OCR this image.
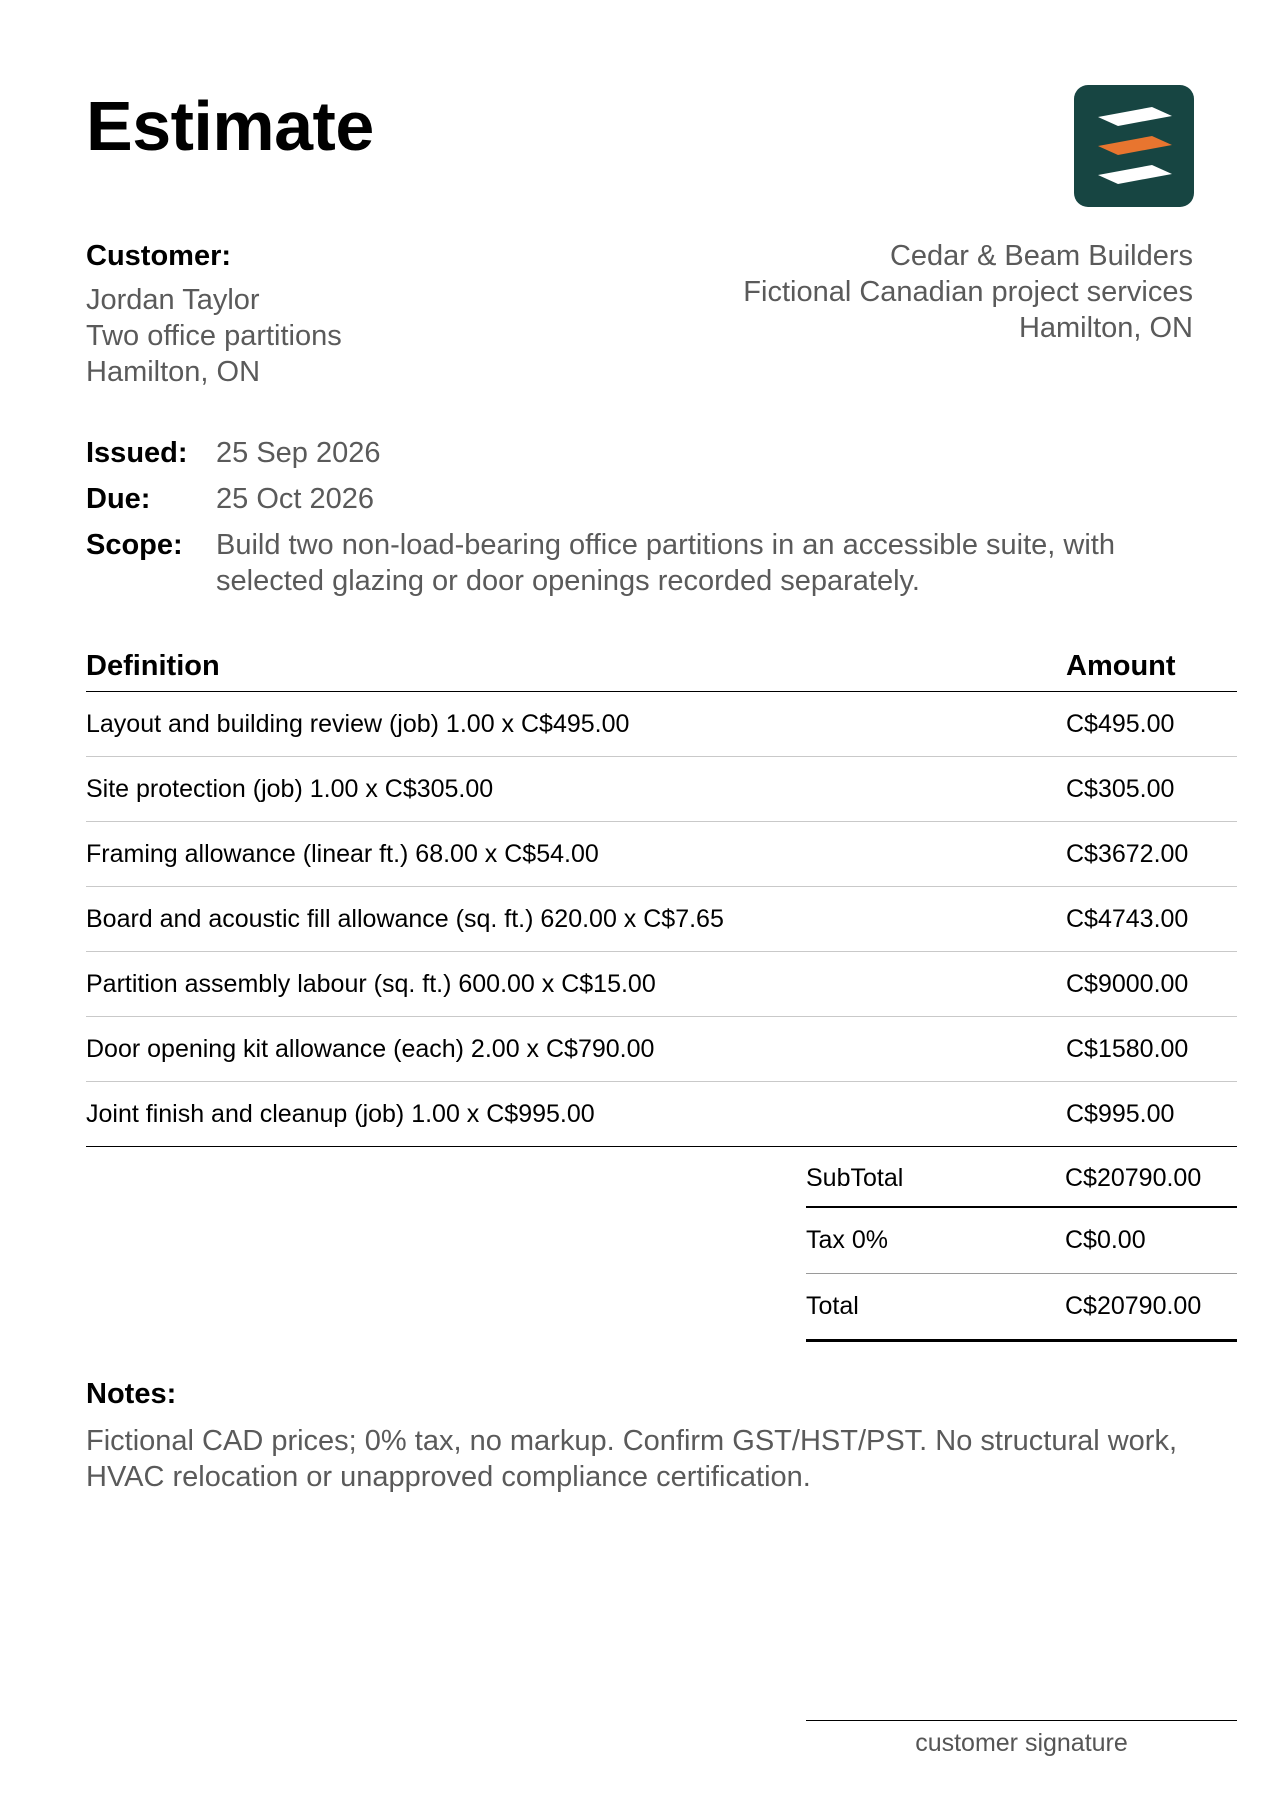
Estimate
Customer:
Jordan Taylor
Two office partitions
Hamilton, ON
Cedar & Beam Builders
Fictional Canadian project services
Hamilton, ON
Issued: 25 Sep 2026
Due:	25 Oct 2026
Scope:	Build two non-load-bearing office partitions in an accessible suite, with selected glazing or door openings recorded separately.
Definition	Amount
Layout and building review (job) 1.00 x C$495.00	C$495.00
Site protection (job) 1.00 x C$305.00	C$305.00
Framing allowance (linear ft.) 68.00 x C$54.00	C$3672.00
Board and acoustic fill allowance (sq. ft.) 620.00 x C$7.65	C$4743.00
Partition assembly labour (sq. ft.) 600.00 x C$15.00	C$9000.00
Door opening kit allowance (each) 2.00 x C$790.00	C$1580.00
Joint finish and cleanup (job) 1.00 x C$995.00	C$995.00
SubTotal	C$20790.00
Tax 0%	C$0.00
Total	C$20790.00
Notes:
Fictional CAD prices; 0% tax, no markup. Confirm GST/HST/PST. No structural work, HVAC relocation or unapproved compliance certification.
customer signature
